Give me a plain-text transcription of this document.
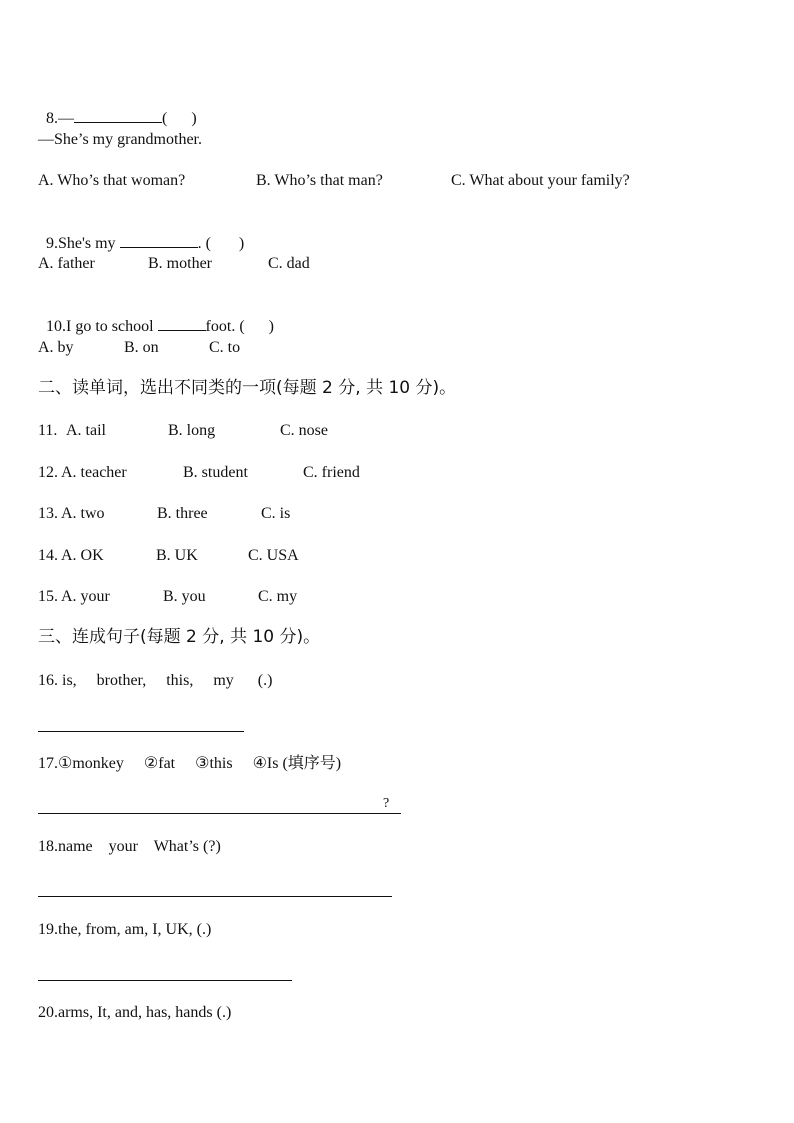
8.—	(      )

—She’s my grandmother.
A. Who’s that woman?	B. Who’s that man?	C. What about your family?

9.She's my	. (       )

A. father	B. mother	C. dad

10.I go to school	foot. (      )

A. by	B. on	C. to
二、读单词，选出不同类的一项(每题 2 分, 共 10 分)。
11. A. tail	B. long	C. nose
12. A. teacher	B. student	C. friend
13. A. two	B. three	C. is
14. A. OK	B. UK	C. USA
15. A. your	B. you	C. my
三、连成句子(每题 2 分, 共 10 分)。
16. is,     brother,     this,     my      (.)
17.①monkey     ②fat     ③this     ④Is (填序号)
?
18.name    your    What’s (?)
19.the, from, am, I, UK, (.)
20.arms, It, and, has, hands (.)
